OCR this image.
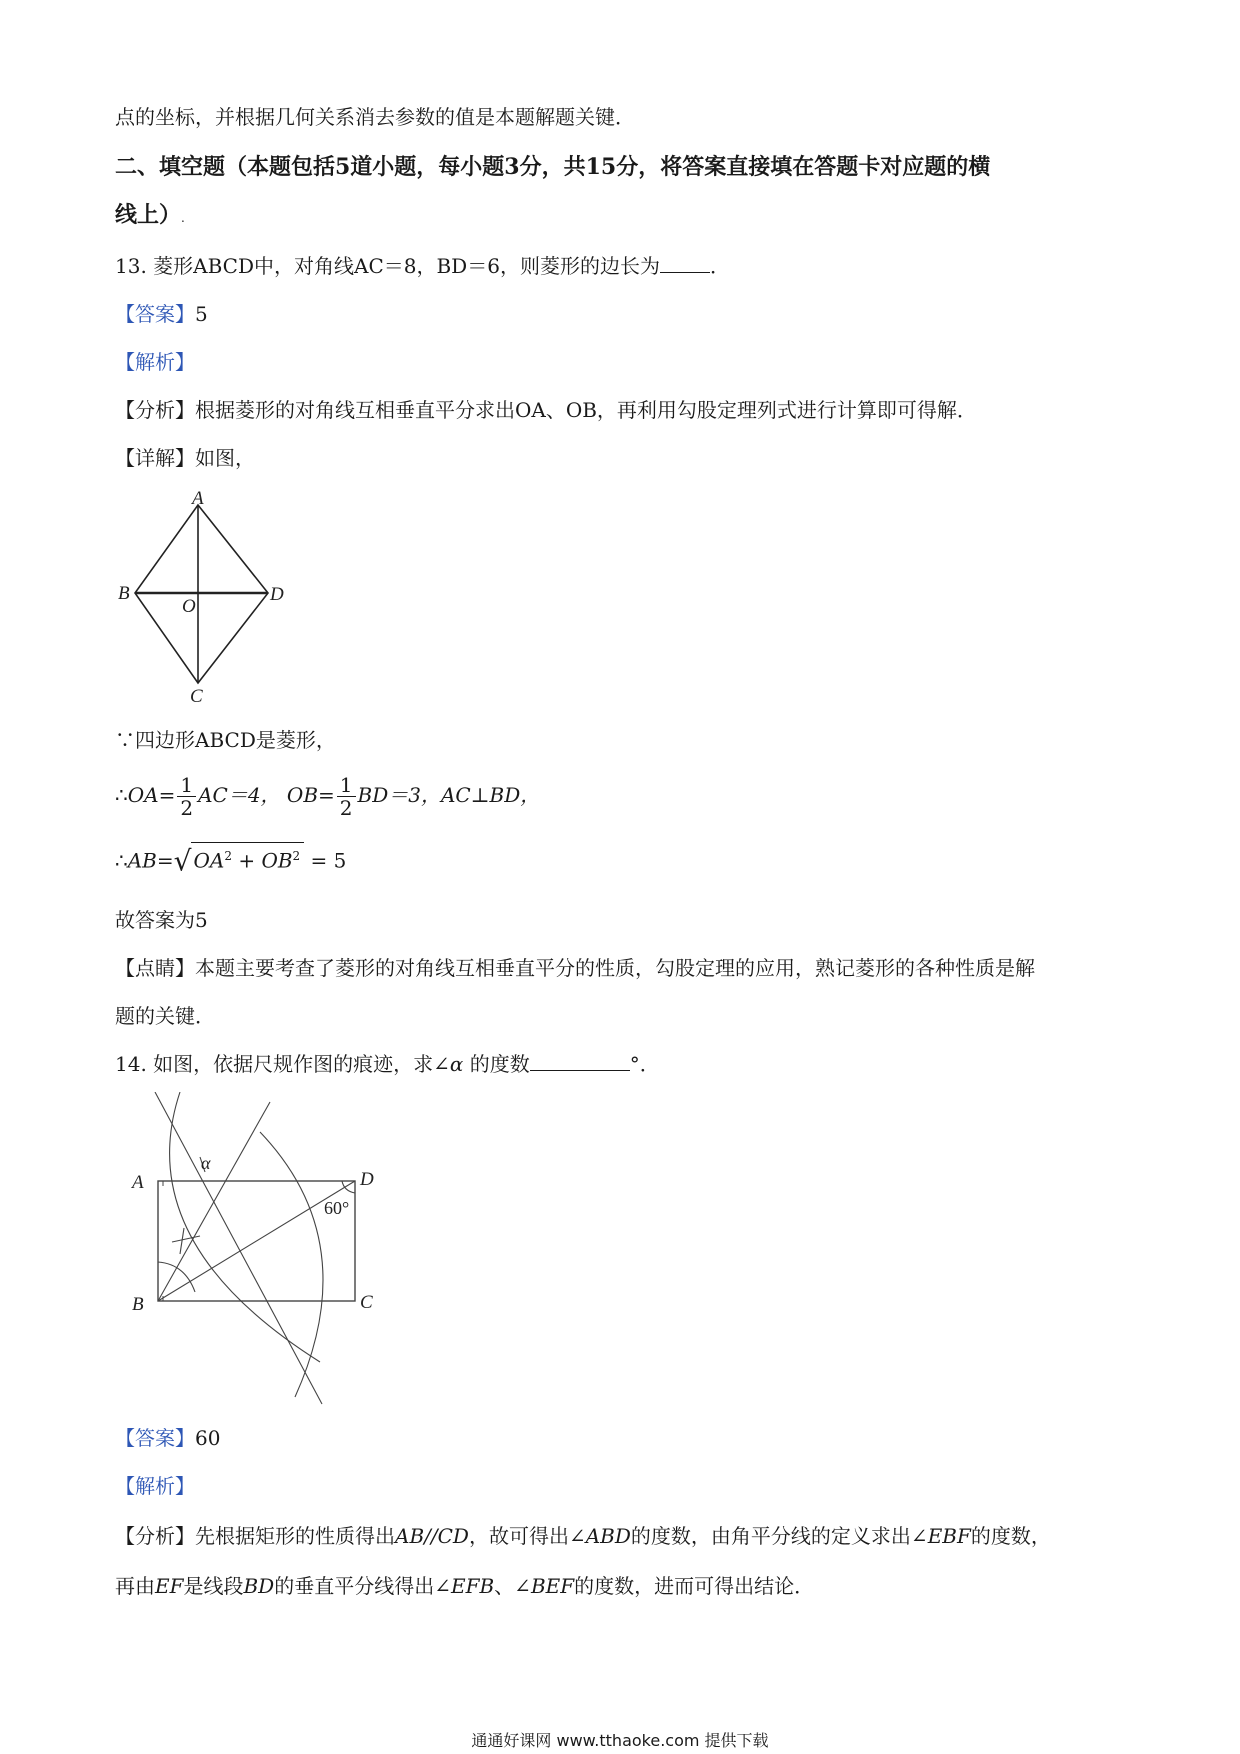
点的坐标，并根据几何关系消去参数的值是本题解题关键．
二、填空题（本题包括5道小题，每小题3分，共15分，将答案直接填在答题卡对应题的横
线上）.
13. 菱形ABCD中，对角线AC＝8，BD＝6，则菱形的边长为	．
【答案】5
【解析】
【分析】根据菱形的对角线互相垂直平分求出OA、OB，再利用勾股定理列式进行计算即可得解．
【详解】如图，
A
B	D
O
C
∵四边形ABCD是菱形，
∴OA= $\frac{1}{2} AC=4$， $OB= \frac{1}{2} BD=3$，AC⊥BD，
∴AB=√ $OA^2 + OB^2 = 5$
故答案为5
【点睛】本题主要考查了菱形的对角线互相垂直平分的性质，勾股定理的应用，熟记菱形的各种性质是解
题的关键．
14. 如图，依据尺规作图的痕迹，求∠α 的度数	°．
A	D
B	C
α
60°
【答案】60
【解析】
【分析】先根据矩形的性质得出AB//CD，故可得出∠ABD的度数，由角平分线的定义求出∠EBF的度数，
再由EF是线段BD的垂直平分线得出∠EFB、∠BEF的度数，进而可得出结论．
通通好课网 www.tthaoke.com 提供下载
